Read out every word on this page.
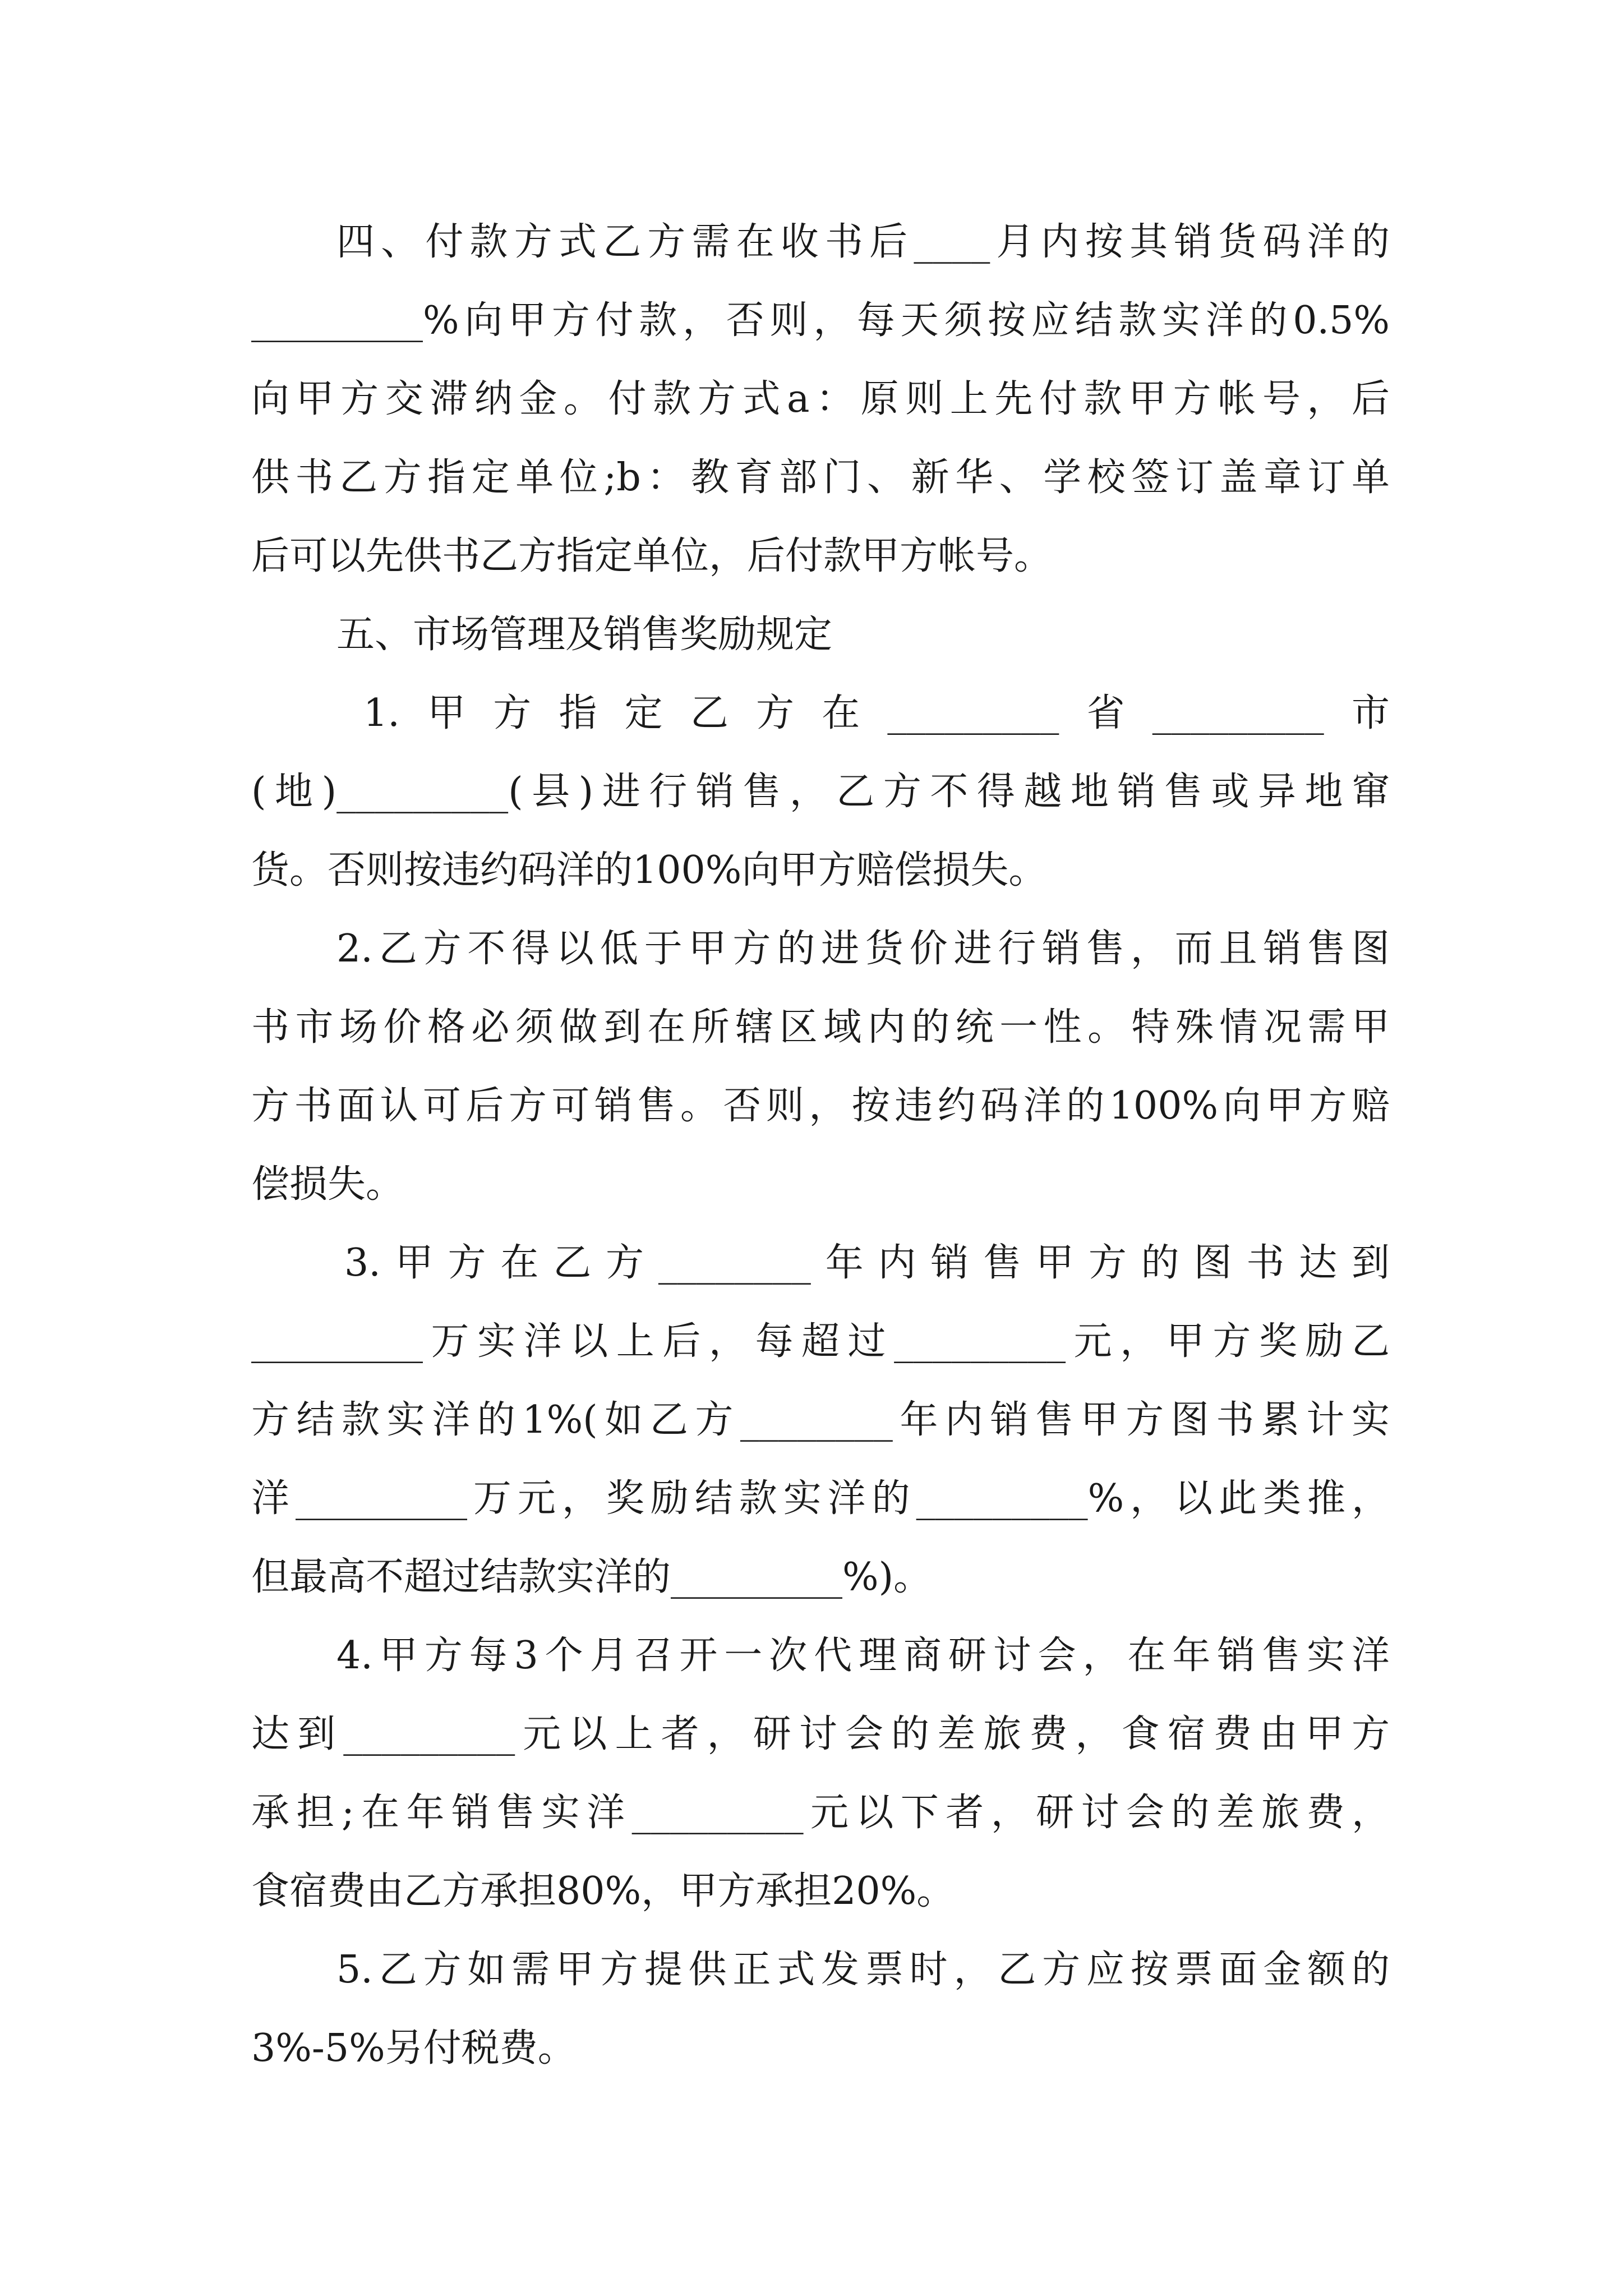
四、付款方式乙方需在收书后____月内按其销货码洋的
_________%向甲方付款，否则，每天须按应结款实洋的0.5%
向甲方交滞纳金。付款方式a：原则上先付款甲方帐号，后
供书乙方指定单位;b：教育部门、新华、学校签订盖章订单
后可以先供书乙方指定单位，后付款甲方帐号。
五、市场管理及销售奖励规定
1.甲方指定乙方在_________省_________市
(地)_________(县)进行销售，乙方不得越地销售或异地窜
货。否则按违约码洋的100%向甲方赔偿损失。
2.乙方不得以低于甲方的进货价进行销售，而且销售图
书市场价格必须做到在所辖区域内的统一性。特殊情况需甲
方书面认可后方可销售。否则，按违约码洋的100%向甲方赔
偿损失。
3.甲方在乙方________年内销售甲方的图书达到
_________万实洋以上后，每超过_________元，甲方奖励乙
方结款实洋的1%(如乙方________年内销售甲方图书累计实
洋_________万元，奖励结款实洋的_________%，以此类推，
但最高不超过结款实洋的_________%)。
4.甲方每3个月召开一次代理商研讨会，在年销售实洋
达到_________元以上者，研讨会的差旅费，食宿费由甲方
承担;在年销售实洋_________元以下者，研讨会的差旅费，
食宿费由乙方承担80%，甲方承担20%。
5.乙方如需甲方提供正式发票时，乙方应按票面金额的
3%-5%另付税费。
